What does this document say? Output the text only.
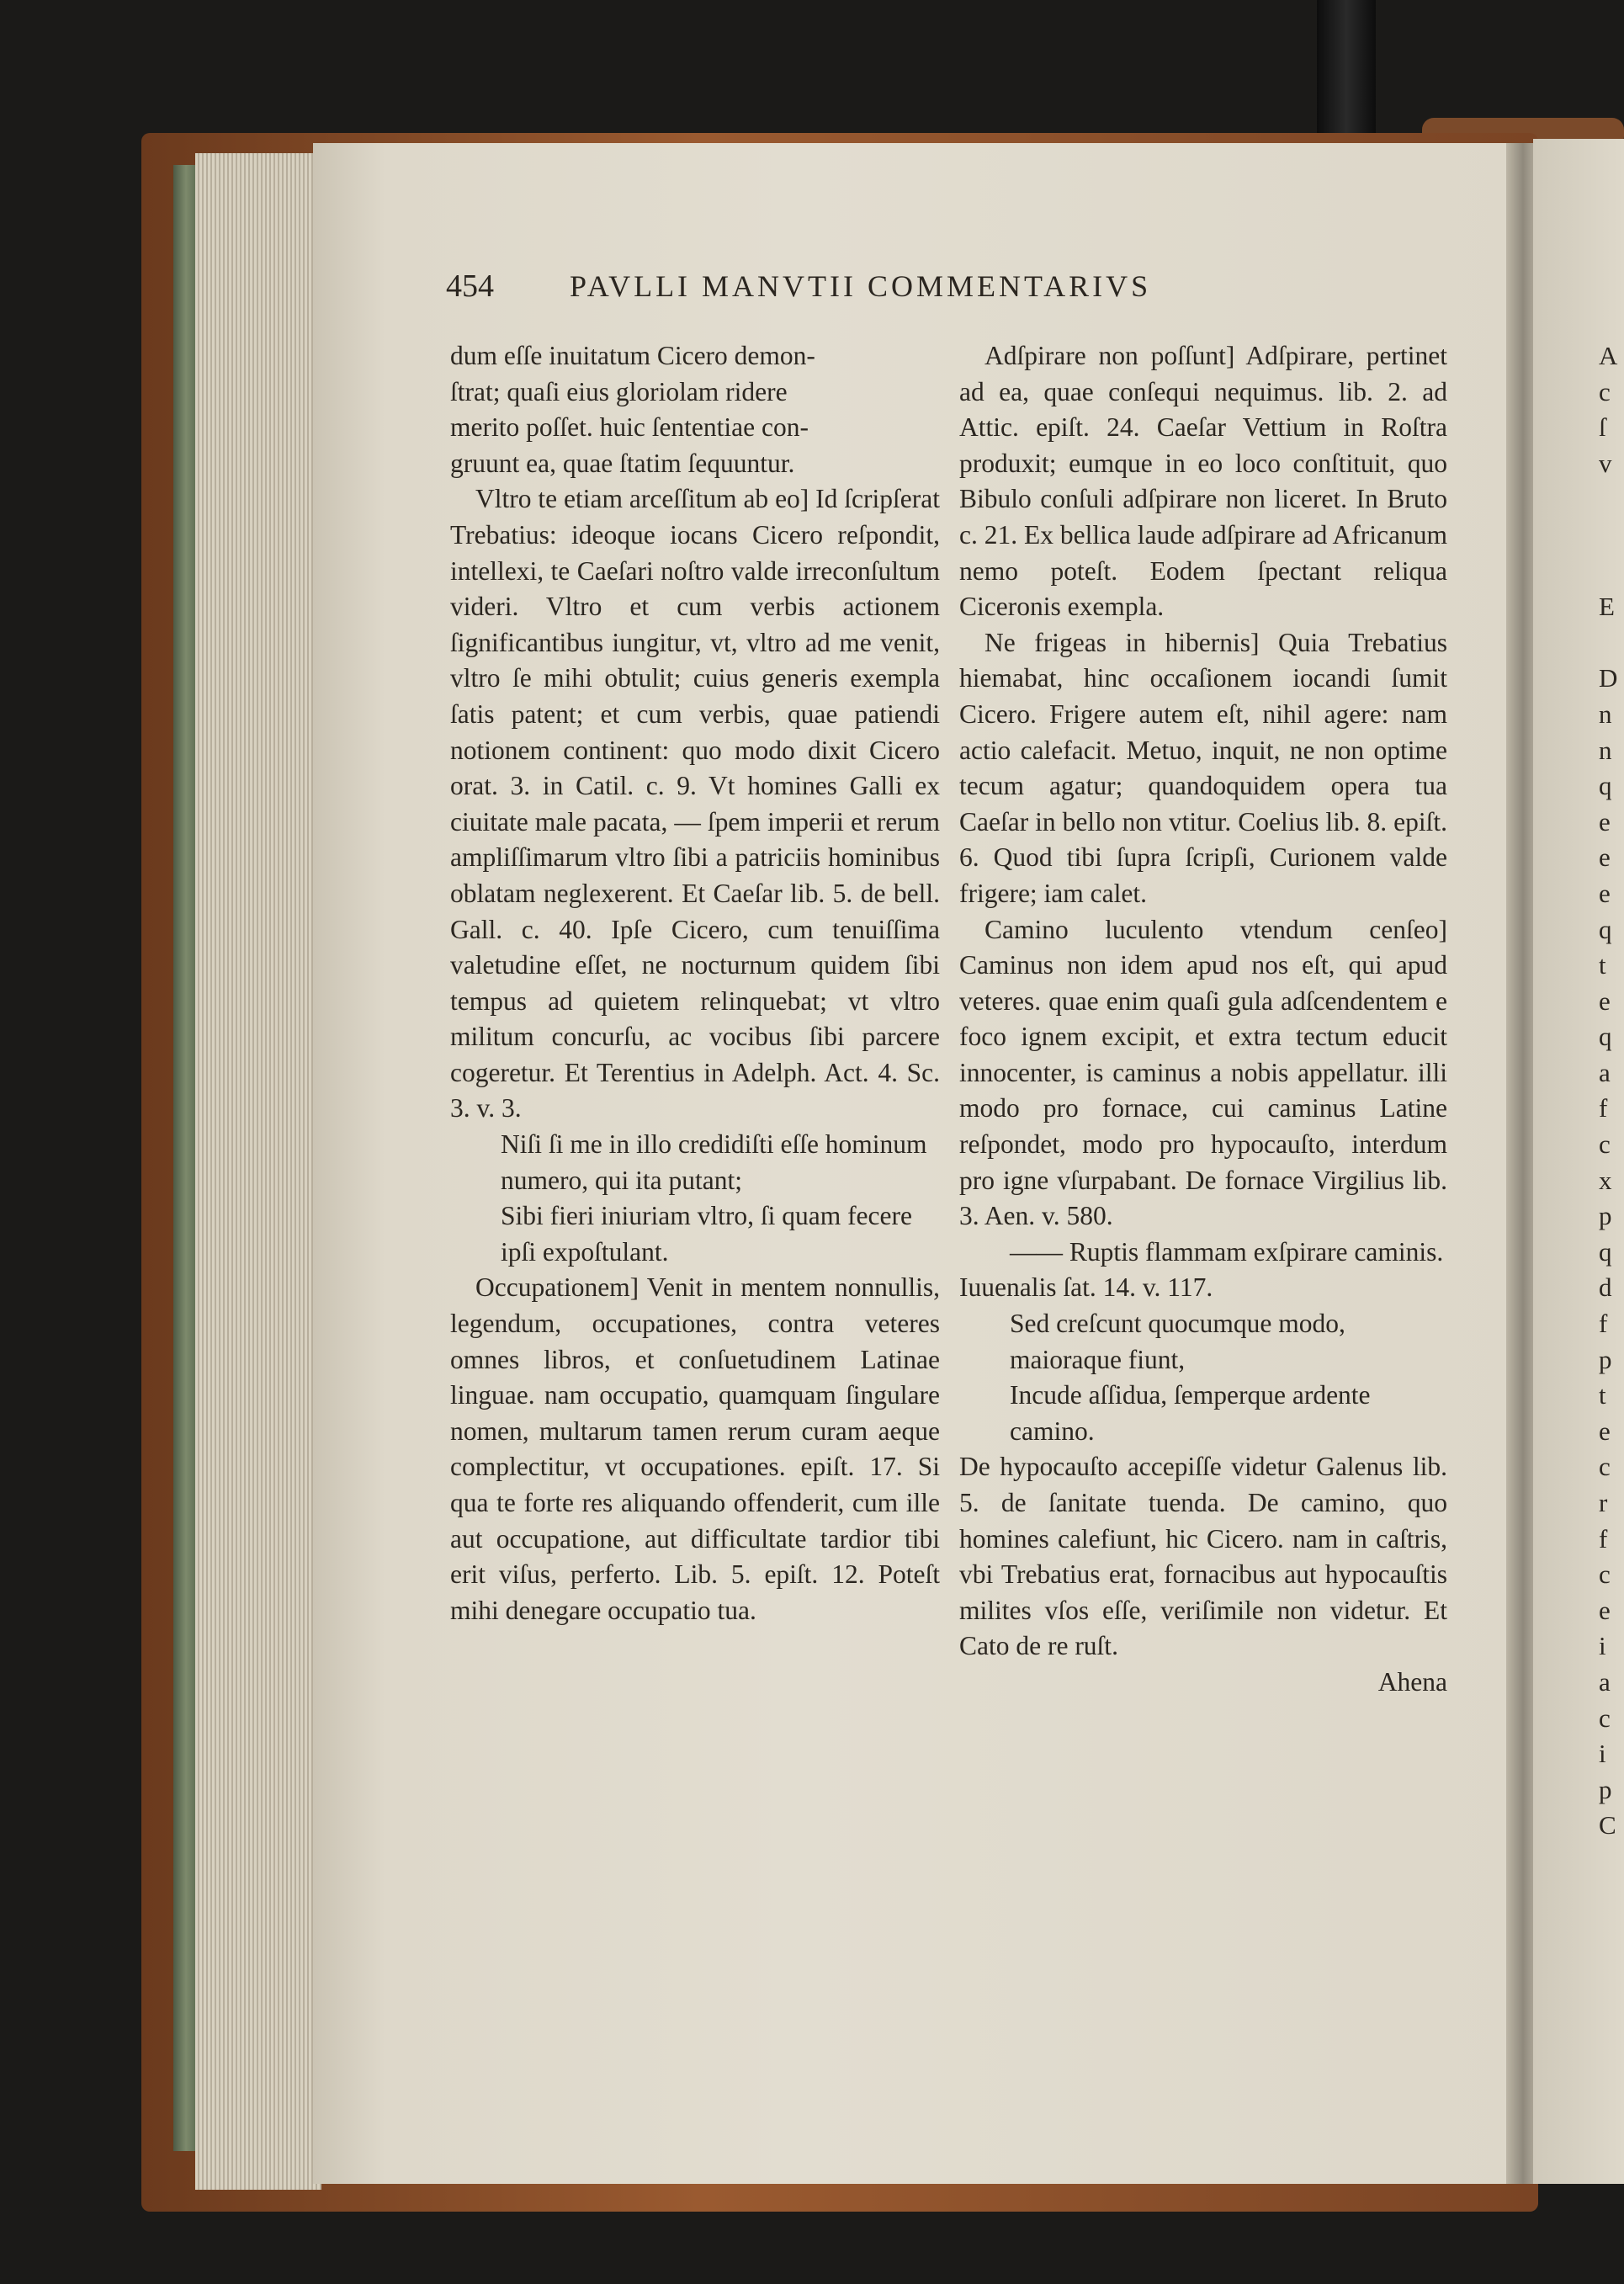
454	PAVLLI MANVTII COMMENTARIVS

dum eſſe inuitatum Cicero demon-

ſtrat; quaſi eius gloriolam ridere

merito poſſet. huic ſententiae con-

gruunt ea, quae ſtatim ſequuntur.

Vltro te etiam arceſſitum ab eo] Id ſcripſerat Trebatius: ideoque iocans Cicero reſpondit, intellexi, te Caeſari noſtro valde irreconſultum videri. Vltro et cum verbis actionem ſignificantibus iungitur, vt, vltro ad me venit, vltro ſe mihi obtulit; cuius generis exempla ſatis patent; et cum verbis, quae patiendi notionem continent: quo modo dixit Cicero orat. 3. in Catil. c. 9. Vt homines Galli ex ciuitate male pacata, — ſpem imperii et rerum ampliſſimarum vltro ſibi a patriciis hominibus oblatam neglexerent. Et Caeſar lib. 5. de bell. Gall. c. 40. Ipſe Cicero, cum tenuiſſima valetudine eſſet, ne nocturnum quidem ſibi tempus ad quietem relinquebat; vt vltro militum concurſu, ac vocibus ſibi parcere cogeretur. Et Terentius in Adelph. Act. 4. Sc. 3. v. 3.

Niſi ſi me in illo credidiſti eſſe hominum numero, qui ita putant;

Sibi fieri iniuriam vltro, ſi quam fecere ipſi expoſtulant.

Occupationem] Venit in mentem nonnullis, legendum, occupationes, contra veteres omnes libros, et conſuetudinem Latinae linguae. nam occupatio, quamquam ſingulare nomen, multarum tamen rerum curam aeque complectitur, vt occupationes. epiſt. 17. Si qua te forte res aliquando offenderit, cum ille aut occupatione, aut difficultate tardior tibi erit viſus, perferto. Lib. 5. epiſt. 12. Poteſt mihi denegare occupatio tua.

Adſpirare non poſſunt] Adſpirare, pertinet ad ea, quae conſequi nequimus. lib. 2. ad Attic. epiſt. 24. Caeſar Vettium in Roſtra produxit; eumque in eo loco conſtituit, quo Bibulo conſuli adſpirare non liceret. In Bruto c. 21. Ex bellica laude adſpirare ad Africanum nemo poteſt. Eodem ſpectant reliqua Ciceronis exempla.

Ne frigeas in hibernis] Quia Trebatius hiemabat, hinc occaſionem iocandi ſumit Cicero. Frigere autem eſt, nihil agere: nam actio calefacit. Metuo, inquit, ne non optime tecum agatur; quandoquidem opera tua Caeſar in bello non vtitur. Coelius lib. 8. epiſt. 6. Quod tibi ſupra ſcripſi, Curionem valde frigere; iam calet.

Camino luculento vtendum cenſeo] Caminus non idem apud nos eſt, qui apud veteres. quae enim quaſi gula adſcendentem e foco ignem excipit, et extra tectum educit innocenter, is caminus a nobis appellatur. illi modo pro fornace, cui caminus Latine reſpondet, modo pro hypocauſto, interdum pro igne vſurpabant. De fornace Virgilius lib. 3. Aen. v. 580.

—— Ruptis flammam exſpirare caminis.

Iuuenalis ſat. 14. v. 117.

Sed creſcunt quocumque modo, maioraque fiunt,

Incude aſſidua, ſemperque ardente camino.

De hypocauſto accepiſſe videtur Galenus lib. 5. de ſanitate tuenda. De camino, quo homines calefiunt, hic Cicero. nam in caſtris, vbi Trebatius erat, fornacibus aut hypocauſtis milites vſos eſſe, veriſimile non videtur. Et Cato de re ruſt.

Ahena

A
c
ſ
v

E

D
n
n
q
e
e
e
q
t
e
q
a
f
c
x
p
q
d
f
p
t
e
c
r
f
c
e
i
a
c
i
p
C
